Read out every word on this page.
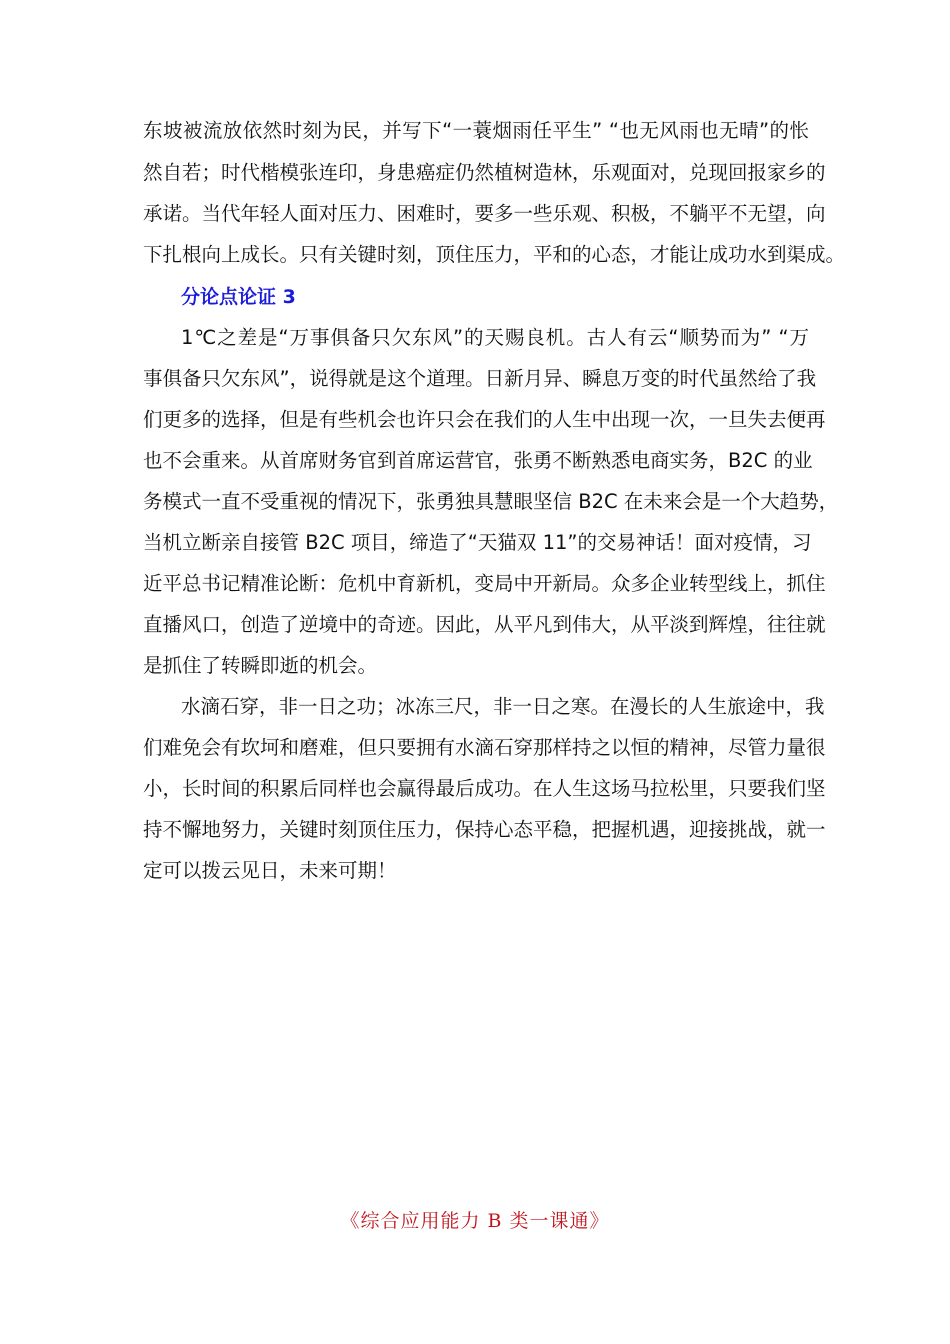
东坡被流放依然时刻为民，并写下“一蓑烟雨任平生” “也无风雨也无晴”的怅
然自若；时代楷模张连印，身患癌症仍然植树造林，乐观面对，兑现回报家乡的
承诺。当代年轻人面对压力、困难时，要多一些乐观、积极，不躺平不无望，向
下扎根向上成长。只有关键时刻，顶住压力，平和的心态，才能让成功水到渠成。
分论点论证 3
1℃之差是“万事俱备只欠东风”的天赐良机。古人有云“顺势而为” “万
事俱备只欠东风”，说得就是这个道理。日新月异、瞬息万变的时代虽然给了我
们更多的选择，但是有些机会也许只会在我们的人生中出现一次，一旦失去便再
也不会重来。从首席财务官到首席运营官，张勇不断熟悉电商实务，B2C 的业
务模式一直不受重视的情况下，张勇独具慧眼坚信 B2C 在未来会是一个大趋势，
当机立断亲自接管 B2C 项目，缔造了“天猫双 11”的交易神话！面对疫情，习
近平总书记精准论断：危机中育新机，变局中开新局。众多企业转型线上，抓住
直播风口，创造了逆境中的奇迹。因此，从平凡到伟大，从平淡到辉煌，往往就
是抓住了转瞬即逝的机会。
水滴石穿，非一日之功；冰冻三尺，非一日之寒。在漫长的人生旅途中，我
们难免会有坎坷和磨难，但只要拥有水滴石穿那样持之以恒的精神，尽管力量很
小，长时间的积累后同样也会赢得最后成功。在人生这场马拉松里，只要我们坚
持不懈地努力，关键时刻顶住压力，保持心态平稳，把握机遇，迎接挑战，就一
定可以拨云见日，未来可期！
《综合应用能力 B 类一课通》
